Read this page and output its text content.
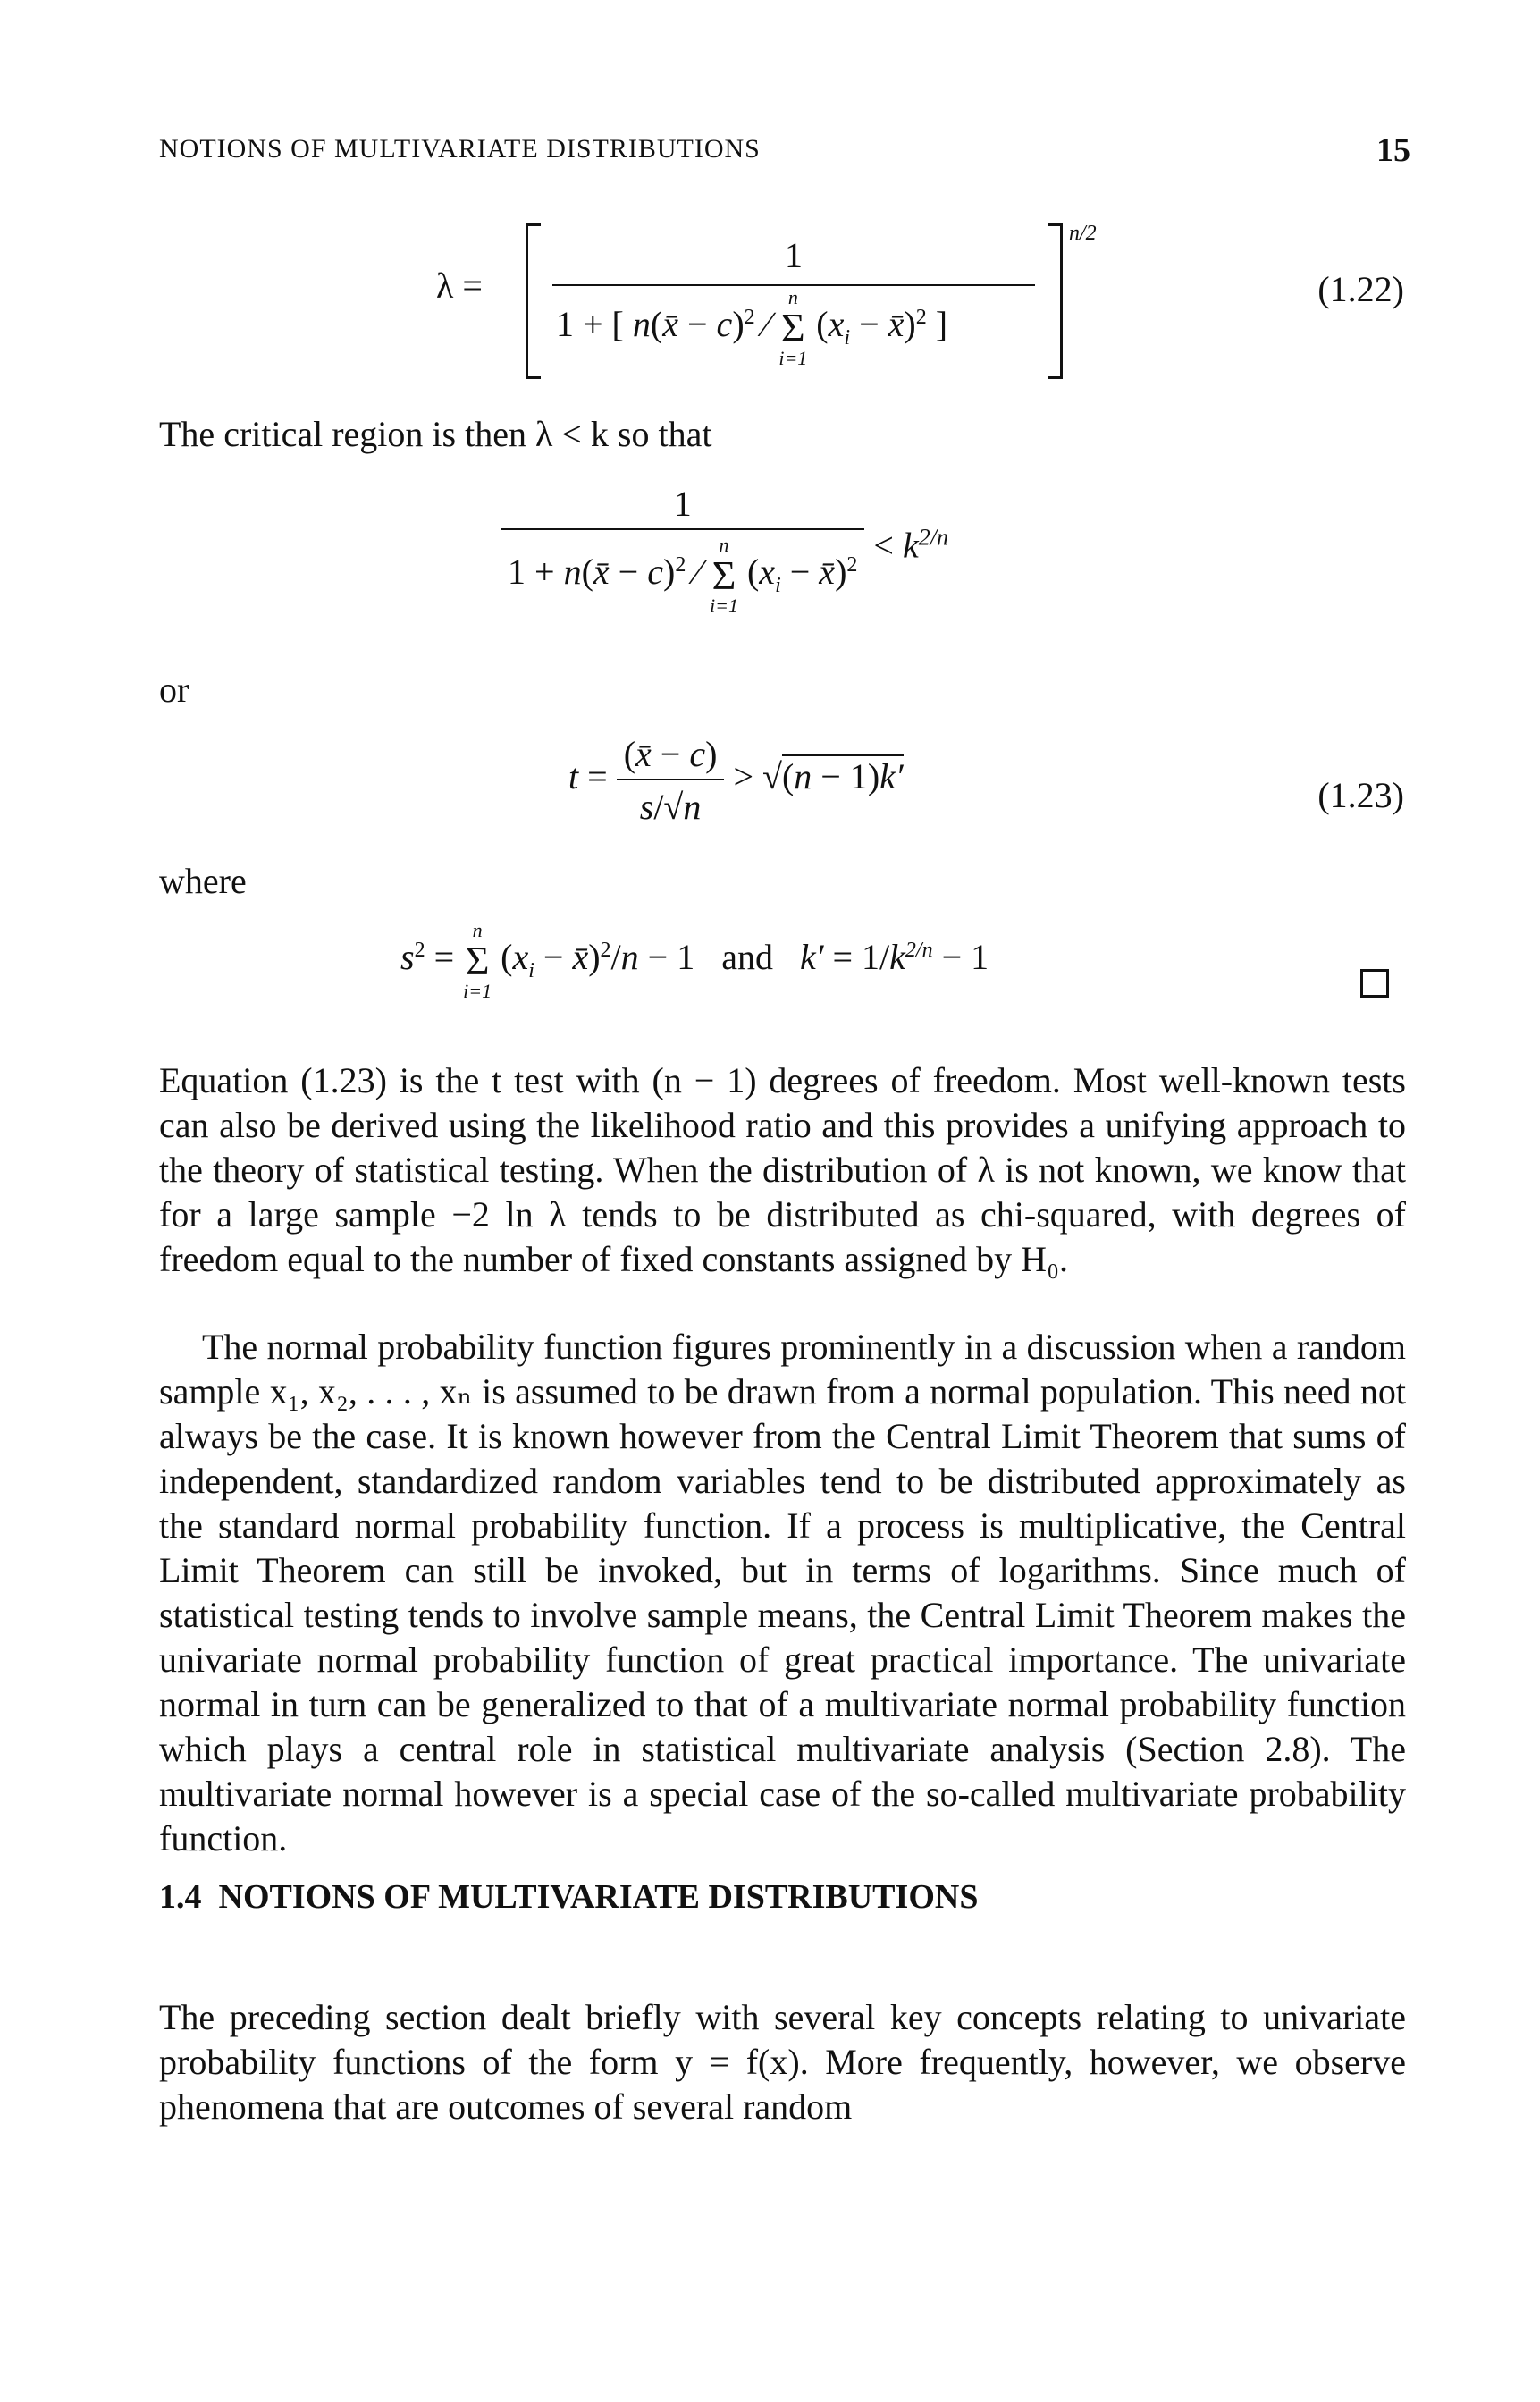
NOTIONS OF MULTIVARIATE DISTRIBUTIONS	15
λ =
n/2
1
1 + [ n(x̄ − c)$^2$ ∕
n
Σ
i=1
($x_i$ − x̄)$^2$ ]
(1.22)
The critical region is then λ < k so that
1
1 + n(x̄ − c)$^2$ ∕
n
Σ
i=1
($x_i$ − x̄)$^2$ < $k^{2/n}$
or
$t = \frac{(x̄ - c)}{s/√n} > √(n - 1)k'$	(1.23)
where
$s^2$ =
n
Σ
i=1
($x_i$ − x̄)$^2$/n − 1   and   $k' = 1/k^{2/n} - 1$

Equation (1.23) is the t test with (n − 1) degrees of freedom. Most well-known tests can also be derived using the likelihood ratio and this provides a unifying approach to the theory of statistical testing. When the distribution of λ is not known, we know that for a large sample −2 ln λ tends to be distributed as chi-squared, with degrees of freedom equal to the number of fixed constants assigned by H₀.

The normal probability function figures prominently in a discussion when a random sample x₁, x₂, . . . , xₙ is assumed to be drawn from a normal population. This need not always be the case. It is known however from the Central Limit Theorem that sums of independent, standardized random variables tend to be distributed approximately as the standard normal probability function. If a process is multiplicative, the Central Limit Theorem can still be invoked, but in terms of logarithms. Since much of statistical testing tends to involve sample means, the Central Limit Theorem makes the univariate normal probability function of great practical importance. The univariate normal in turn can be generalized to that of a multivariate normal probability function which plays a central role in statistical multivariate analysis (Section 2.8). The multivariate normal however is a special case of the so-called multivariate probability function.

1.4 NOTIONS OF MULTIVARIATE DISTRIBUTIONS

The preceding section dealt briefly with several key concepts relating to univariate probability functions of the form y = f(x). More frequently, however, we observe phenomena that are outcomes of several random
